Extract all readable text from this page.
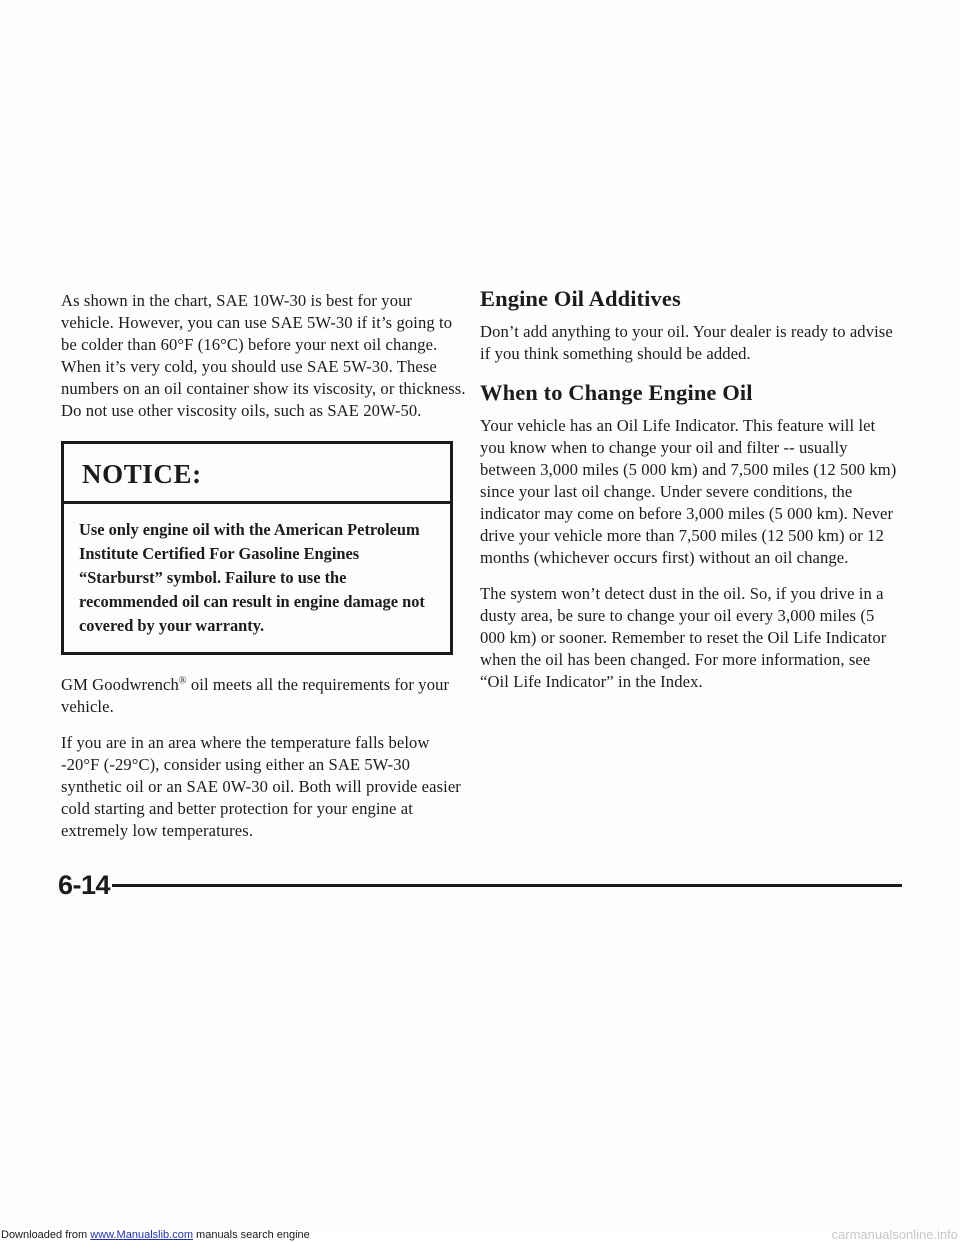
As shown in the chart, SAE 10W-30 is best for your vehicle. However, you can use SAE 5W-30 if it’s going to be colder than 60°F (16°C) before your next oil change. When it’s very cold, you should use SAE 5W-30. These numbers on an oil container show its viscosity, or thickness. Do not use other viscosity oils, such as SAE 20W-50.

NOTICE:
Use only engine oil with the American Petroleum Institute Certified For Gasoline Engines “Starburst” symbol. Failure to use the recommended oil can result in engine damage not covered by your warranty.

GM Goodwrench® oil meets all the requirements for your vehicle.

If you are in an area where the temperature falls below -20°F (-29°C), consider using either an SAE 5W-30 synthetic oil or an SAE 0W-30 oil. Both will provide easier cold starting and better protection for your engine at extremely low temperatures.

Engine Oil Additives

Don’t add anything to your oil. Your dealer is ready to advise if you think something should be added.

When to Change Engine Oil

Your vehicle has an Oil Life Indicator. This feature will let you know when to change your oil and filter -- usually between 3,000 miles (5 000 km) and 7,500 miles (12 500 km) since your last oil change. Under severe conditions, the indicator may come on before 3,000 miles (5 000 km). Never drive your vehicle more than 7,500 miles (12 500 km) or 12 months (whichever occurs first) without an oil change.

The system won’t detect dust in the oil. So, if you drive in a dusty area, be sure to change your oil every 3,000 miles (5 000 km) or sooner. Remember to reset the Oil Life Indicator when the oil has been changed. For more information, see “Oil Life Indicator” in the Index.

6-14
Downloaded from www.Manualslib.com manuals search engine	carmanualsonline.info
